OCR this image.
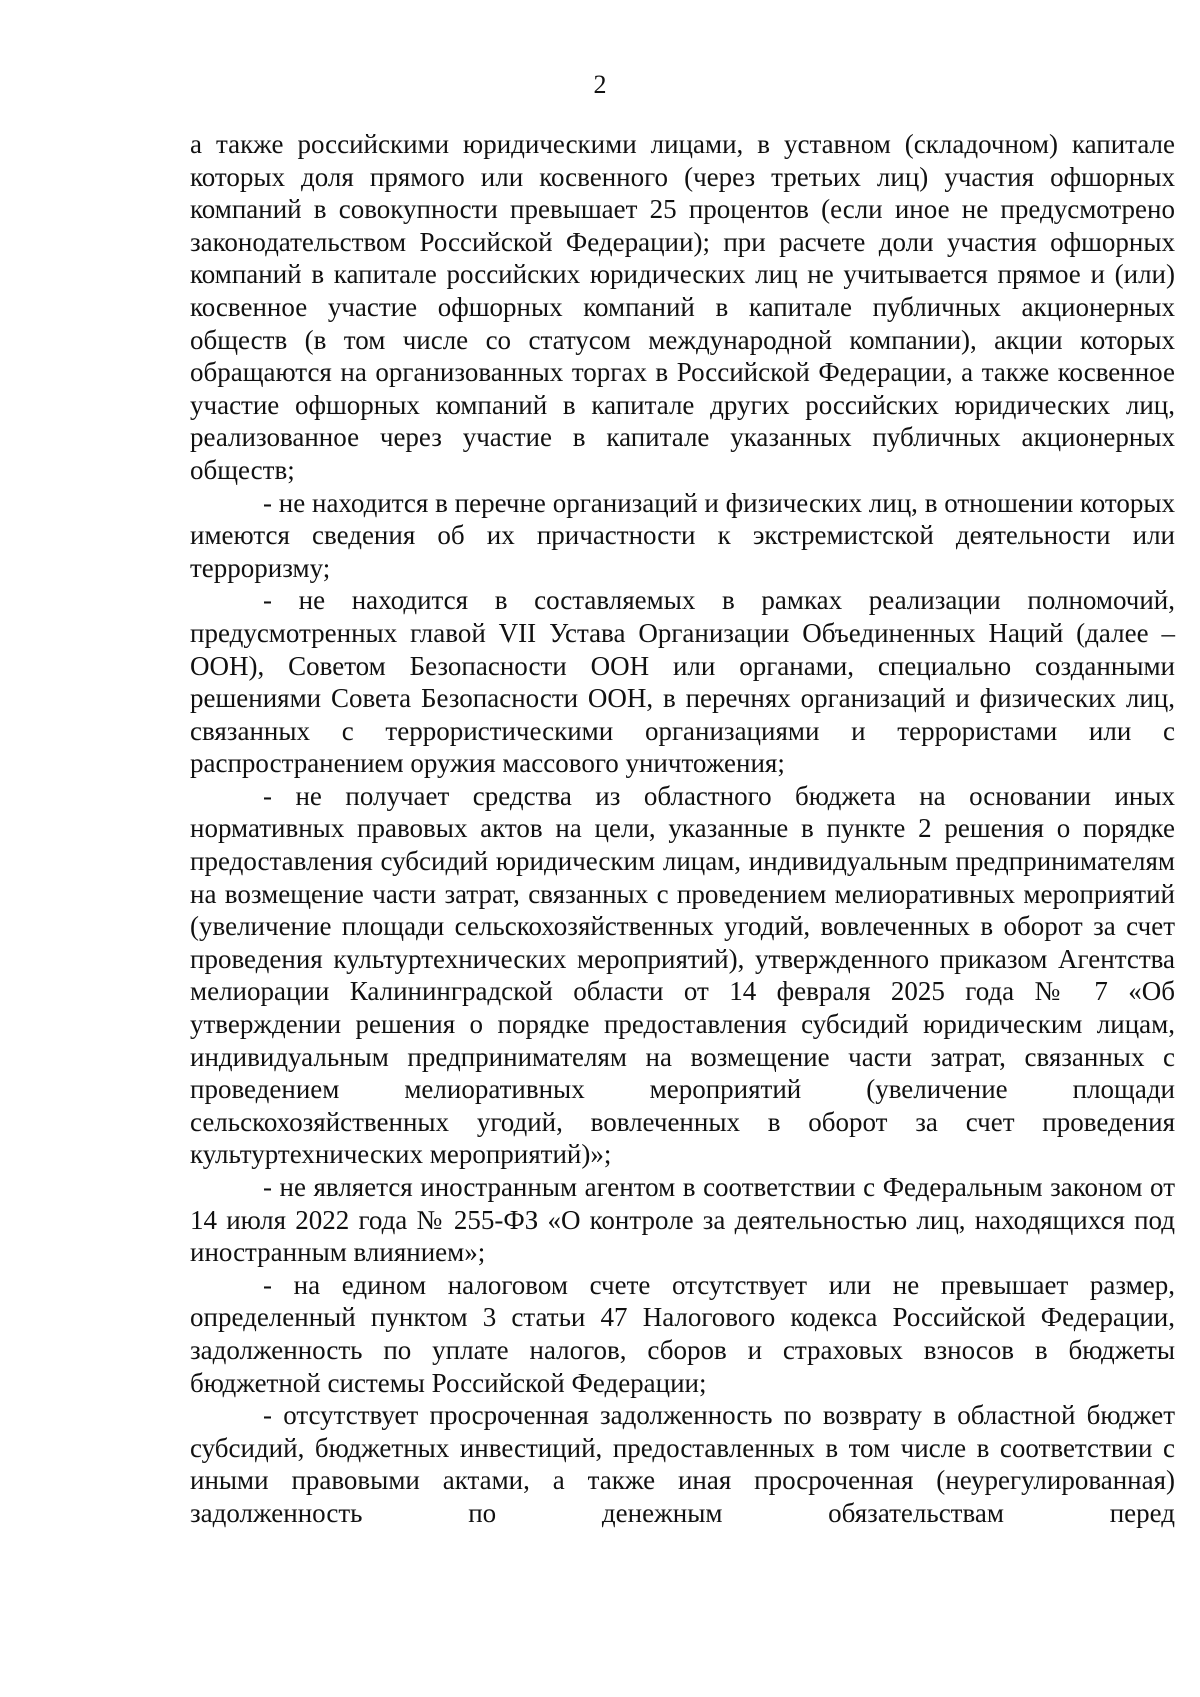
2

а также российскими юридическими лицами, в уставном (складочном) капитале которых доля прямого или косвенного (через третьих лиц) участия офшорных компаний в совокупности превышает 25 процентов (если иное не предусмотрено законодательством Российской Федерации); при расчете доли участия офшорных компаний в капитале российских юридических лиц не учитывается прямое и (или) косвенное участие офшорных компаний в капитале публичных акционерных обществ (в том числе со статусом международной компании), акции которых обращаются на организованных торгах в Российской Федерации, а также косвенное участие офшорных компаний в капитале других российских юридических лиц, реализованное через участие в капитале указанных публичных акционерных обществ;

- не находится в перечне организаций и физических лиц, в отношении которых имеются сведения об их причастности к экстремистской деятельности или терроризму;

- не находится в составляемых в рамках реализации полномочий, предусмотренных главой VII Устава Организации Объединенных Наций (далее – ООН), Советом Безопасности ООН или органами, специально созданными решениями Совета Безопасности ООН, в перечнях организаций и физических лиц, связанных с террористическими организациями и террористами или с распространением оружия массового уничтожения;

- не получает средства из областного бюджета на основании иных нормативных правовых актов на цели, указанные в пункте 2 решения о порядке предоставления субсидий юридическим лицам, индивидуальным предпринимателям на возмещение части затрат, связанных с проведением мелиоративных мероприятий (увеличение площади сельскохозяйственных угодий, вовлеченных в оборот за счет проведения культуртехнических мероприятий), утвержденного приказом Агентства мелиорации Калининградской области от 14 февраля 2025 года № 7 «Об утверждении решения о порядке предоставления субсидий юридическим лицам, индивидуальным предпринимателям на возмещение части затрат, связанных с проведением мелиоративных мероприятий (увеличение площади сельскохозяйственных угодий, вовлеченных в оборот за счет проведения культуртехнических мероприятий)»;

- не является иностранным агентом в соответствии с Федеральным законом от 14 июля 2022 года № 255-ФЗ «О контроле за деятельностью лиц, находящихся под иностранным влиянием»;

- на едином налоговом счете отсутствует или не превышает размер, определенный пунктом 3 статьи 47 Налогового кодекса Российской Федерации, задолженность по уплате налогов, сборов и страховых взносов в бюджеты бюджетной системы Российской Федерации;

- отсутствует просроченная задолженность по возврату в областной бюджет субсидий, бюджетных инвестиций, предоставленных в том числе в соответствии с иными правовыми актами, а также иная просроченная (неурегулированная) задолженность по денежным обязательствам перед
